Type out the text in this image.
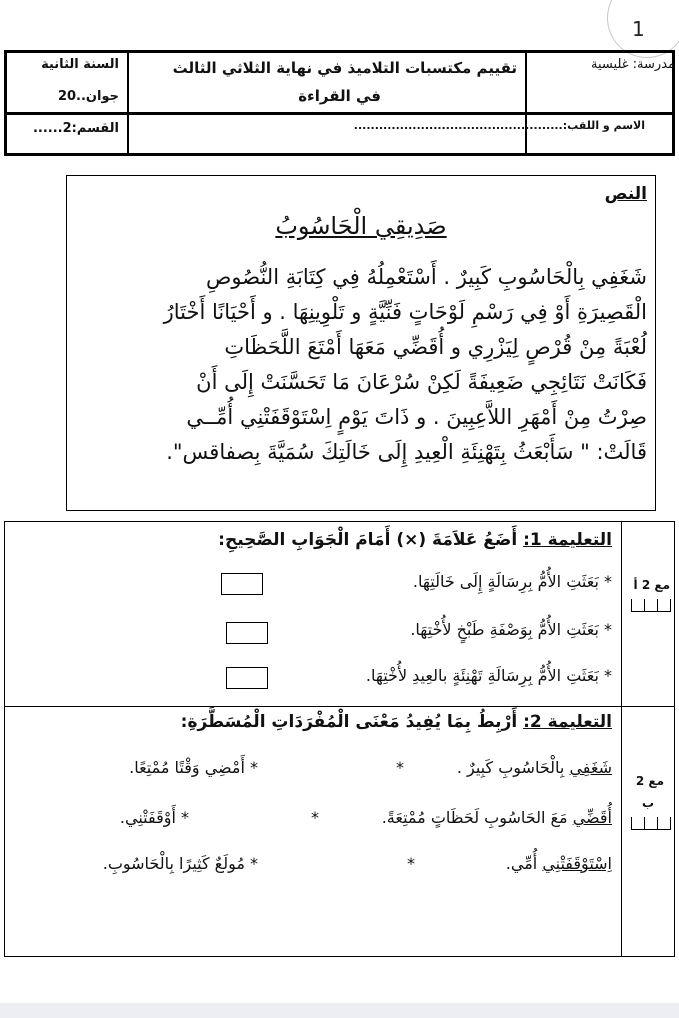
1
السنة الثانية
جوان..20
تقييم مكتسبات التلاميذ في نهاية الثلاثي الثالث
في القراءة
مدرسة: غليسية
القسم:2......	الاسم و اللقب:..................................................
النص
صَدِيقِي الْحَاسُوبُ
شَغَفِي بِالْحَاسُوبِ كَبِيرٌ . أَسْتَعْمِلُهُ فِي كِتَابَةِ النُّصُوصِ
الْقَصِيرَةِ أَوْ فِي رَسْمِ لَوْحَاتٍ فَنِّيَّةٍ و تَلْوِينِهَا . و أَحْيَانًا أَخْتَارُ
لُعْبَةً مِنْ قُرْصٍ لِيَزْرِي و أُقَضِّي مَعَهَا أَمْتَعَ اللَّحَظَاتِ
فَكَانَتْ نَتَائِجِي ضَعِيفَةً لَكِنْ سُرْعَانَ مَا تَحَسَّنَتْ إِلَى أَنْ
صِرْتُ مِنْ أَمْهَرِ اللاَّعِبِينَ . و ذَاتَ يَوْمٍ اِسْتَوْقَفَتْنِي أُمِّــي
قَالَتْ: " سَأَبْعَثُ بِتَهْنِئَةِ الْعِيدِ إِلَى خَالَتِكَ سُمَيَّةَ بِصفاقس".
مع 2 أ
مع 2
ب
التعليمة 1: أَضَعُ عَلاَمَةَ (×) أَمَامَ الْجَوَابِ الصَّحِيحِ:
* بَعَثَتِ الأُمُّ بِرِسَالَةٍ إِلَى خَالَتِهَا.
* بَعَثَتِ الأُمُّ بِوَصْفَةِ طَبْخٍ لأُخْتِهَا.
* بَعَثَتِ الأُمُّ بِرِسَالَةِ تَهْنِئَةٍ بالعِيدِ لأُخْتِهَا.
التعليمة 2: أَرْبِطُ بِمَا يُفِيدُ مَعْنَى الْمُفْرَدَاتِ الْمُسَطَّرَةِ:
شَغَفِي بِالْحَاسُوبِ كَبِيرٌ .
*
* أَمْضِي وَقْتًا مُمْتِعًا.
أُقَضِّي مَعَ الحَاسُوبِ لَحَظَاتٍ مُمْتِعَةً.
*
* أَوْقَفَتْنِي.
اِسْتَوْقَفَتْنِي أُمِّي.
*
* مُولَعٌ كَثِيرًا بِالْحَاسُوبِ.
